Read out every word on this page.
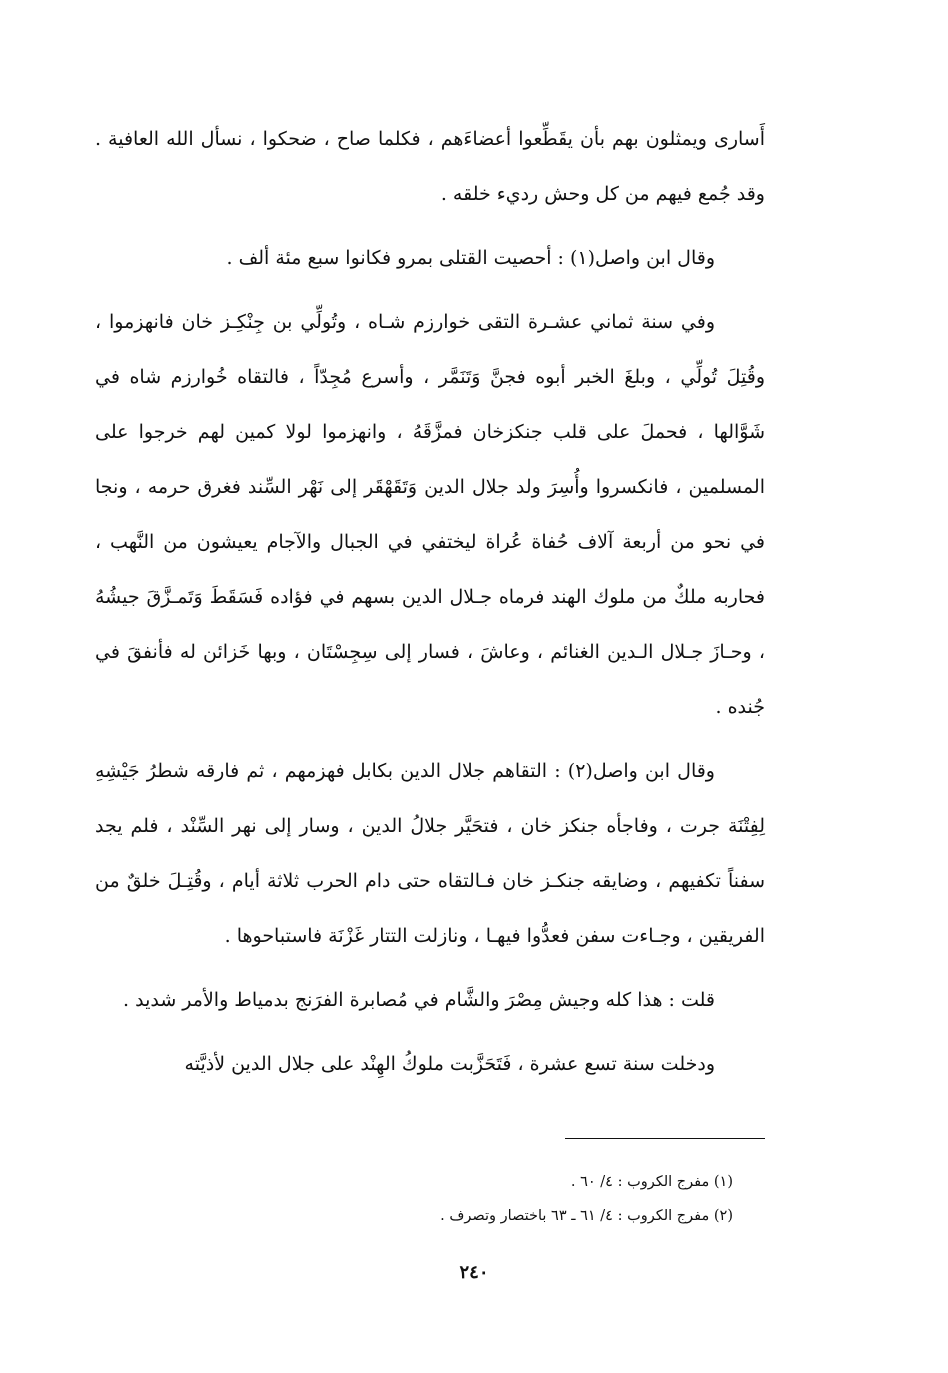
أَسارى ويمثلون بهم بأن يقَطِّعوا أعضاءَهم ، فكلما صاح ، ضحكوا ، نسأل الله العافية . وقد جُمع فيهم من كل وحش رديء خلقه .

وقال ابن واصل(١) : أحصيت القتلى بمرو فكانوا سبع مئة ألف .

وفي سنة ثماني عشـرة التقى خوارزم شـاه ، وتُولِّي بن جِنْكِـز خان فانهزموا ، وقُتِلَ تُولِّي ، وبلغَ الخبر أبوه فجنَّ وَتَنَمَّر ، وأسرع مُجِدّاً ، فالتقاه خُوارزم شاه في شَوَّالها ، فحملَ على قلب جنكزخان فمزَّقَهُ ، وانهزموا لولا كمين لهم خرجوا على المسلمين ، فانكسروا وأُسِرَ ولد جلال الدين وَتَقَهْقَر إلى نَهْر السِّند فغرق حرمه ، ونجا في نحو من أربعة آلاف حُفاة عُراة ليختفي في الجبال والآجام يعيشون من النَّهب ، فحاربه ملكٌ من ملوك الهند فرماه جـلال الدين بسهم في فؤاده فَسَقَطَ وَتَمـزَّقَ جيشُهُ ، وحـازَ جـلال الـدين الغنائم ، وعاشَ ، فسار إلى سِجِسْتَان ، وبها خَزائن له فأنفقَ في جُنده .

وقال ابن واصل(٢) : التقاهم جلال الدين بكابل فهزمهم ، ثم فارقه شطرُ جَيْشِهِ لِفِتْنَة جرت ، وفاجأه جنكز خان ، فتحَيَّر جلالُ الدين ، وسار إلى نهر السِّنْد ، فلم يجد سفناً تكفيهم ، وضايقه جنكـز خان فـالتقاه حتى دام الحرب ثلاثة أيام ، وقُتِـلَ خلقٌ من الفريقين ، وجـاءت سفن فعدُّوا فيهـا ، ونازلت التتار غَزْنَة فاستباحوها .

قلت : هذا كله وجيش مِصْرَ والشَّام في مُصابرة الفرَنج بدمياط والأمر شديد .

ودخلت سنة تسع عشرة ، فَتَحَزَّبت ملوكُ الهِنْد على جلال الدين لأذيَّته

(١) مفرج الكروب : ٤/ ٦٠ .

(٢) مفرج الكروب : ٤/ ٦١ ـ ٦٣ باختصار وتصرف .

٢٤٠
